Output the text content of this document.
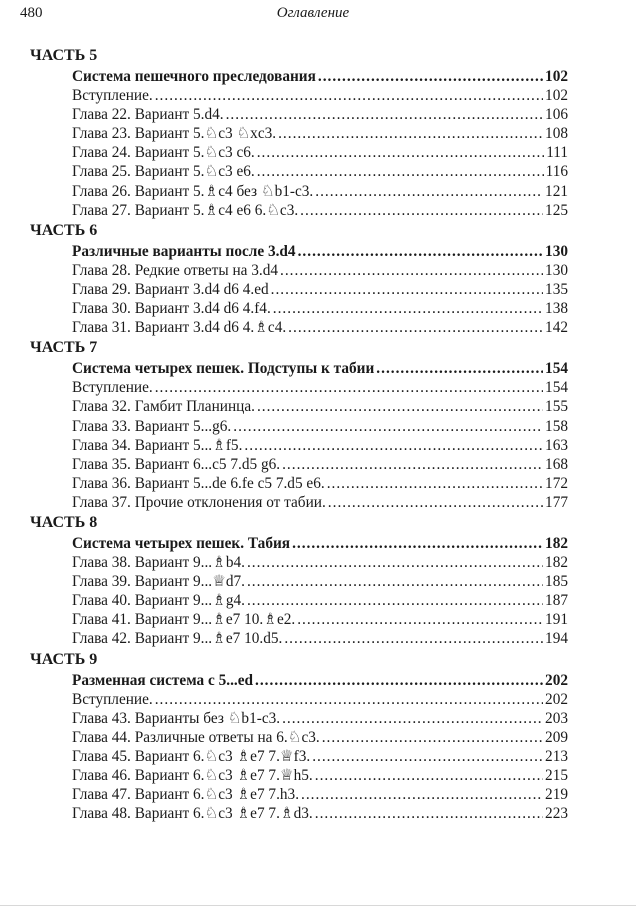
480	Оглавление
ЧАСТЬ 5
Система пешечного преследования .....	102
Вступление. .....	102
Глава 22. Вариант 5.d4. .....	106
Глава 23. Вариант 5.♘c3 ♘xc3. .....	108
Глава 24. Вариант 5.♘c3 c6. .....	111
Глава 25. Вариант 5.♘c3 e6. .....	116
Глава 26. Вариант 5.♗c4 без ♘b1-c3. .....	121
Глава 27. Вариант 5.♗c4 e6 6.♘c3. .....	125
ЧАСТЬ 6
Различные варианты после 3.d4 .....	130
Глава 28. Редкие ответы на 3.d4 .....	130
Глава 29. Вариант 3.d4 d6 4.ed .....	135
Глава 30. Вариант 3.d4 d6 4.f4. .....	138
Глава 31. Вариант 3.d4 d6 4.♗c4. .....	142
ЧАСТЬ 7
Система четырех пешек. Подступы к табии .....	154
Вступление. .....	154
Глава 32. Гамбит Планинца. .....	155
Глава 33. Вариант 5...g6. .....	158
Глава 34. Вариант 5...♗f5. .....	163
Глава 35. Вариант 6...c5 7.d5 g6. .....	168
Глава 36. Вариант 5...de 6.fe c5 7.d5 e6. .....	172
Глава 37. Прочие отклонения от табии. .....	177
ЧАСТЬ 8
Система четырех пешек. Табия .....	182
Глава 38. Вариант 9...♗b4. .....	182
Глава 39. Вариант 9...♕d7. .....	185
Глава 40. Вариант 9...♗g4. .....	187
Глава 41. Вариант 9...♗e7 10.♗e2. .....	191
Глава 42. Вариант 9...♗e7 10.d5. .....	194
ЧАСТЬ 9
Разменная система с 5...ed .....	202
Вступление. .....	202
Глава 43. Варианты без ♘b1-c3. .....	203
Глава 44. Различные ответы на 6.♘c3. .....	209
Глава 45. Вариант 6.♘c3 ♗e7 7.♕f3. .....	213
Глава 46. Вариант 6.♘c3 ♗e7 7.♕h5. .....	215
Глава 47. Вариант 6.♘c3 ♗e7 7.h3. .....	219
Глава 48. Вариант 6.♘c3 ♗e7 7.♗d3. .....	223
